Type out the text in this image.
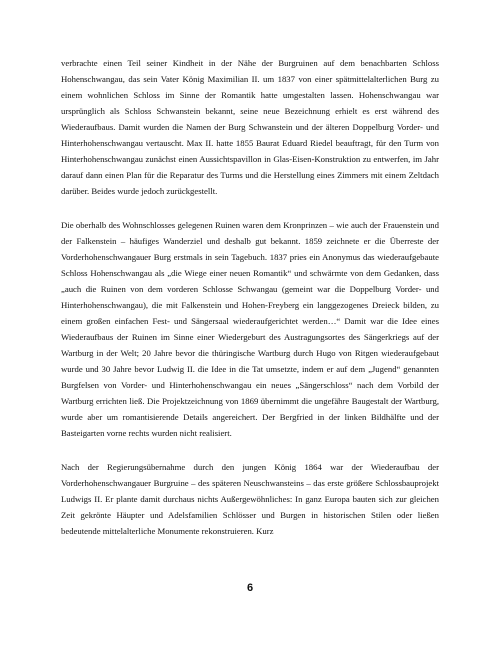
verbrachte einen Teil seiner Kindheit in der Nähe der Burgruinen auf dem benachbarten Schloss Hohenschwangau, das sein Vater König Maximilian II. um 1837 von einer spätmittelalterlichen Burg zu einem wohnlichen Schloss im Sinne der Romantik hatte umgestalten lassen. Hohenschwangau war ursprünglich als Schloss Schwanstein bekannt, seine neue Bezeichnung erhielt es erst während des Wiederaufbaus. Damit wurden die Namen der Burg Schwanstein und der älteren Doppelburg Vorder- und Hinterhohenschwangau vertauscht. Max II. hatte 1855 Baurat Eduard Riedel beauftragt, für den Turm von Hinterhohenschwangau zunächst einen Aussichtspavillon in Glas-Eisen-Konstruktion zu entwerfen, im Jahr darauf dann einen Plan für die Reparatur des Turms und die Herstellung eines Zimmers mit einem Zeltdach darüber. Beides wurde jedoch zurückgestellt.

Die oberhalb des Wohnschlosses gelegenen Ruinen waren dem Kronprinzen – wie auch der Frauenstein und der Falkenstein – häufiges Wanderziel und deshalb gut bekannt. 1859 zeichnete er die Überreste der Vorderhohenschwangauer Burg erstmals in sein Tagebuch. 1837 pries ein Anonymus das wiederaufgebaute Schloss Hohenschwangau als „die Wiege einer neuen Romantik“ und schwärmte von dem Gedanken, dass „auch die Ruinen von dem vorderen Schlosse Schwangau (gemeint war die Doppelburg Vorder- und Hinterhohenschwangau), die mit Falkenstein und Hohen-Freyberg ein langgezogenes Dreieck bilden, zu einem großen einfachen Fest- und Sängersaal wiederaufgerichtet werden…“ Damit war die Idee eines Wiederaufbaus der Ruinen im Sinne einer Wiedergeburt des Austragungsortes des Sängerkriegs auf der Wartburg in der Welt; 20 Jahre bevor die thüringische Wartburg durch Hugo von Ritgen wiederaufgebaut wurde und 30 Jahre bevor Ludwig II. die Idee in die Tat umsetzte, indem er auf dem „Jugend“ genannten Burgfelsen von Vorder- und Hinterhohenschwangau ein neues „Sängerschloss“ nach dem Vorbild der Wartburg errichten ließ. Die Projektzeichnung von 1869 übernimmt die ungefähre Baugestalt der Wartburg, wurde aber um romantisierende Details angereichert. Der Bergfried in der linken Bildhälfte und der Basteigarten vorne rechts wurden nicht realisiert.

Nach der Regierungsübernahme durch den jungen König 1864 war der Wiederaufbau der Vorderhohenschwangauer Burgruine – des späteren Neuschwansteins – das erste größere Schlossbauprojekt Ludwigs II. Er plante damit durchaus nichts Außergewöhnliches: In ganz Europa bauten sich zur gleichen Zeit gekrönte Häupter und Adelsfamilien Schlösser und Burgen in historischen Stilen oder ließen bedeutende mittelalterliche Monumente rekonstruieren. Kurz

6
